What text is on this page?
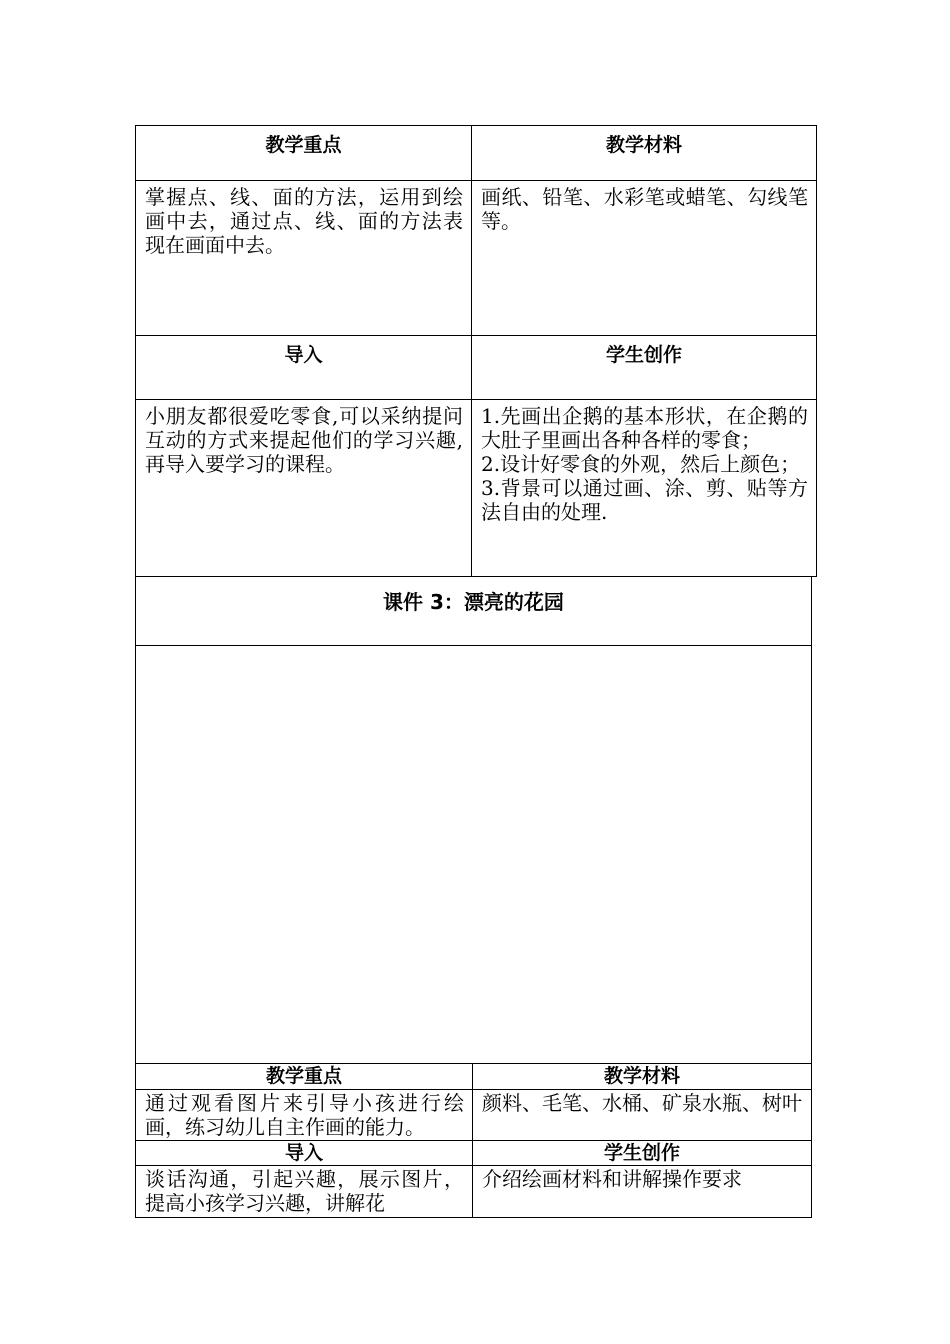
教学重点	教学材料
掌握点、线、面的方法，运用到绘画中去，通过点、线、面的方法表现在画面中去。	画纸、铅笔、水彩笔或蜡笔、勾线笔等。
导入	学生创作
小朋友都很爱吃零食,可以采纳提问互动的方式来提起他们的学习兴趣,再导入要学习的课程。	1.先画出企鹅的基本形状，在企鹅的大肚子里画出各种各样的零食；
2.设计好零食的外观，然后上颜色；
3.背景可以通过画、涂、剪、贴等方法自由的处理.
课件 3：漂亮的花园
教学重点	教学材料
通过观看图片来引导小孩进行绘画，练习幼儿自主作画的能力。	颜料、毛笔、水桶、矿泉水瓶、树叶
导入	学生创作
谈话沟通，引起兴趣，展示图片，提高小孩学习兴趣，讲解花	介绍绘画材料和讲解操作要求
